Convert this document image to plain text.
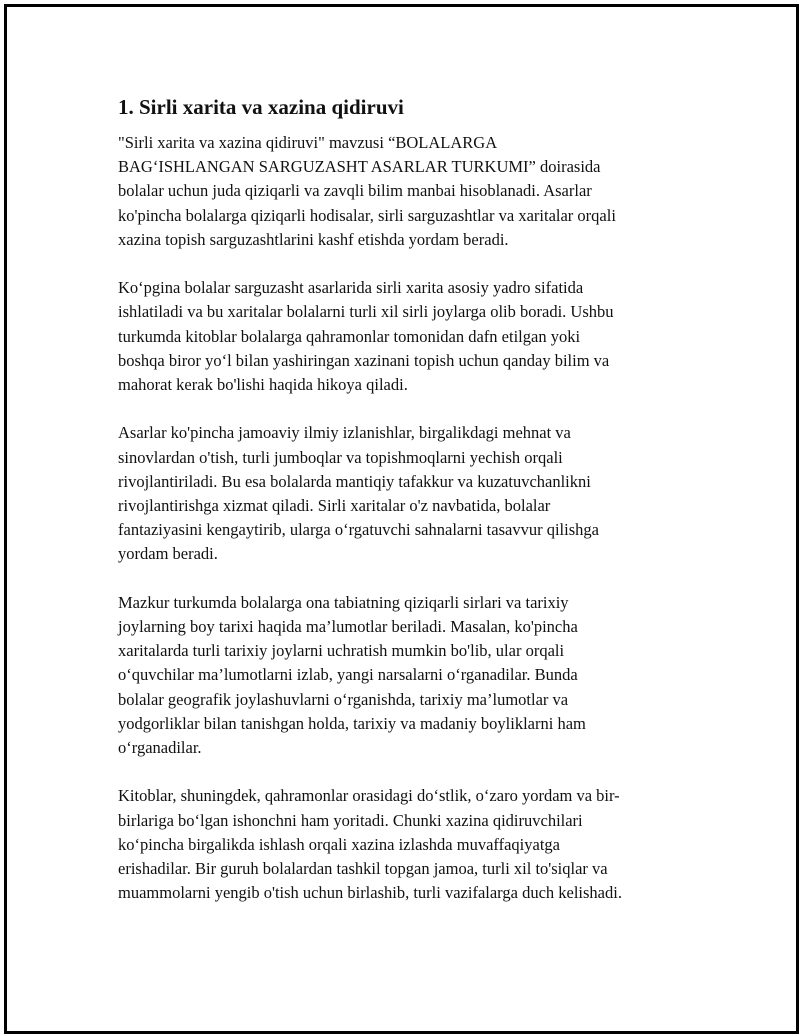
1. Sirli xarita va xazina qidiruvi

"Sirli xarita va xazina qidiruvi" mavzusi “BOLALARGA
BAG‘ISHLANGAN SARGUZASHT ASARLAR TURKUMI” doirasida
bolalar uchun juda qiziqarli va zavqli bilim manbai hisoblanadi. Asarlar
ko'pincha bolalarga qiziqarli hodisalar, sirli sarguzashtlar va xaritalar orqali
xazina topish sarguzashtlarini kashf etishda yordam beradi.

Ko‘pgina bolalar sarguzasht asarlarida sirli xarita asosiy yadro sifatida
ishlatiladi va bu xaritalar bolalarni turli xil sirli joylarga olib boradi. Ushbu
turkumda kitoblar bolalarga qahramonlar tomonidan dafn etilgan yoki
boshqa biror yo‘l bilan yashiringan xazinani topish uchun qanday bilim va
mahorat kerak bo'lishi haqida hikoya qiladi.

Asarlar ko'pincha jamoaviy ilmiy izlanishlar, birgalikdagi mehnat va
sinovlardan o'tish, turli jumboqlar va topishmoqlarni yechish orqali
rivojlantiriladi. Bu esa bolalarda mantiqiy tafakkur va kuzatuvchanlikni
rivojlantirishga xizmat qiladi. Sirli xaritalar o'z navbatida, bolalar
fantaziyasini kengaytirib, ularga o‘rgatuvchi sahnalarni tasavvur qilishga
yordam beradi.

Mazkur turkumda bolalarga ona tabiatning qiziqarli sirlari va tarixiy
joylarning boy tarixi haqida ma’lumotlar beriladi. Masalan, ko'pincha
xaritalarda turli tarixiy joylarni uchratish mumkin bo'lib, ular orqali
o‘quvchilar ma’lumotlarni izlab, yangi narsalarni o‘rganadilar. Bunda
bolalar geografik joylashuvlarni o‘rganishda, tarixiy ma’lumotlar va
yodgorliklar bilan tanishgan holda, tarixiy va madaniy boyliklarni ham
o‘rganadilar.

Kitoblar, shuningdek, qahramonlar orasidagi do‘stlik, o‘zaro yordam va bir-
birlariga bo‘lgan ishonchni ham yoritadi. Chunki xazina qidiruvchilari
ko‘pincha birgalikda ishlash orqali xazina izlashda muvaffaqiyatga
erishadilar. Bir guruh bolalardan tashkil topgan jamoa, turli xil to'siqlar va
muammolarni yengib o'tish uchun birlashib, turli vazifalarga duch kelishadi.
